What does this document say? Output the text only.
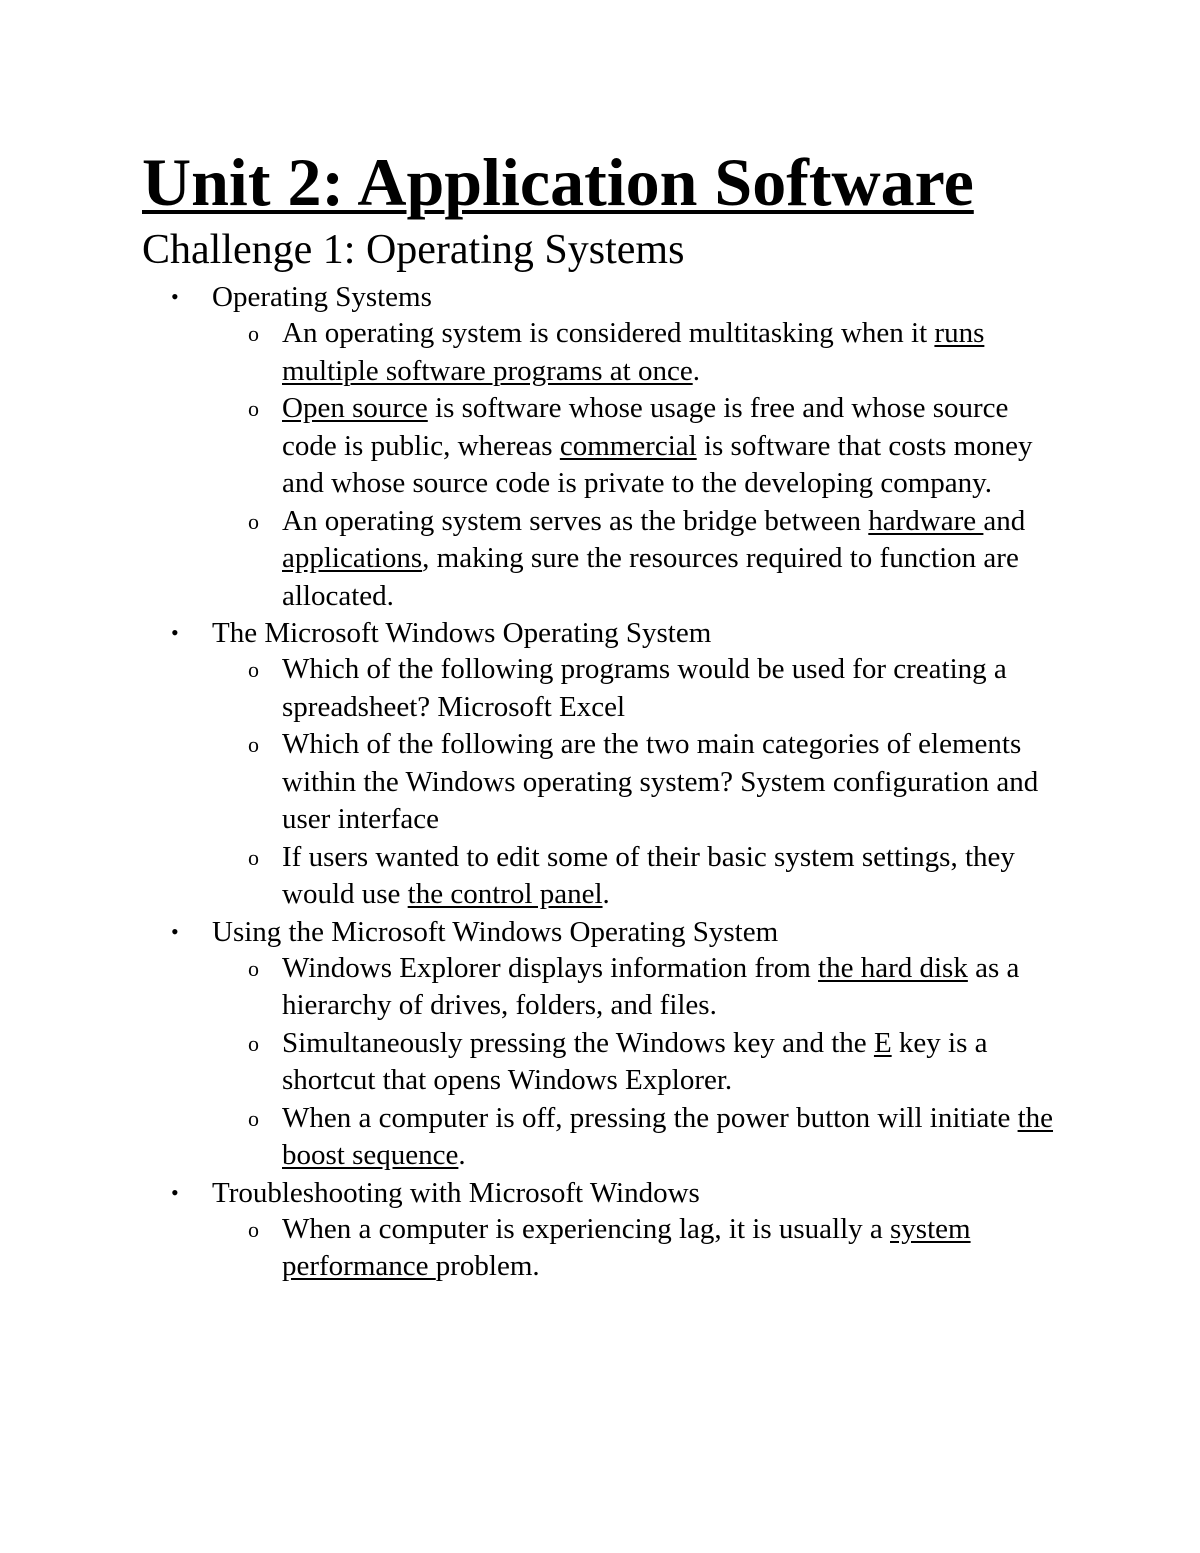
Unit 2: Application Software
Challenge 1: Operating Systems
• Operating Systems
o An operating system is considered multitasking when it runs multiple software programs at once.
o Open source is software whose usage is free and whose source code is public, whereas commercial is software that costs money and whose source code is private to the developing company.
o An operating system serves as the bridge between hardware and applications, making sure the resources required to function are allocated.
• The Microsoft Windows Operating System
o Which of the following programs would be used for creating a spreadsheet? Microsoft Excel
o Which of the following are the two main categories of elements within the Windows operating system? System configuration and user interface
o If users wanted to edit some of their basic system settings, they would use the control panel.
• Using the Microsoft Windows Operating System
o Windows Explorer displays information from the hard disk as a hierarchy of drives, folders, and files.
o Simultaneously pressing the Windows key and the E key is a shortcut that opens Windows Explorer.
o When a computer is off, pressing the power button will initiate the boost sequence.
• Troubleshooting with Microsoft Windows
o When a computer is experiencing lag, it is usually a system performance problem.
